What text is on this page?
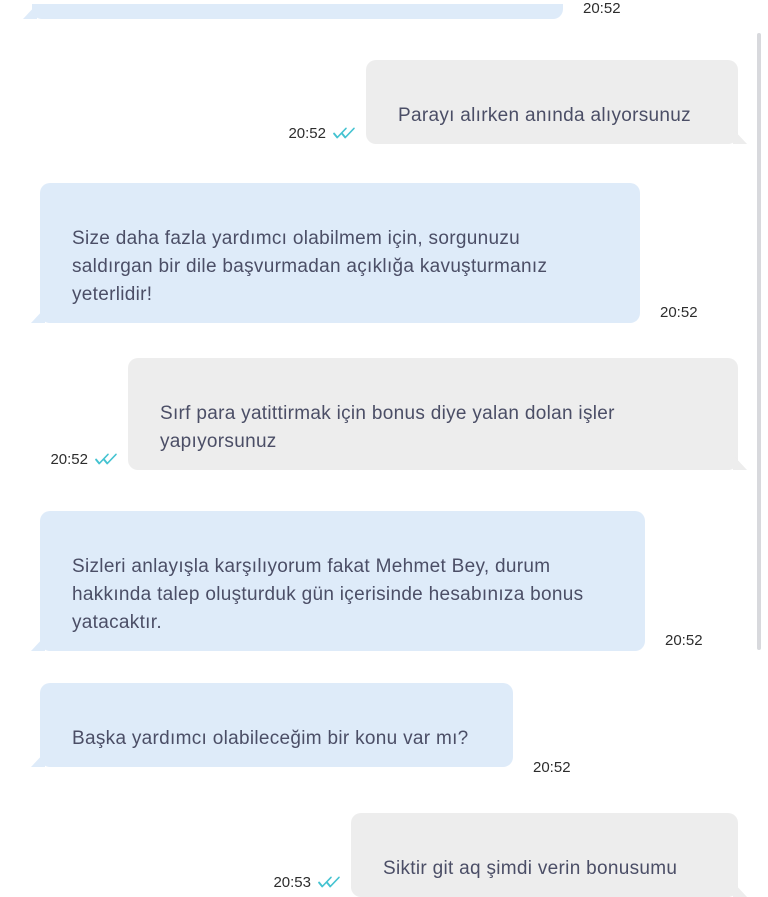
20:52
20:52

Parayı alırken anında alıyorsunuz

Size daha fazla yardımcı olabilmem için, sorgunuzu
saldırgan bir dile başvurmadan açıklığa kavuşturmanız
yeterlidir!

20:52
20:52

Sırf para yatittirmak için bonus diye yalan dolan işler
yapıyorsunuz

Sizleri anlayışla karşılıyorum fakat Mehmet Bey, durum
hakkında talep oluşturduk gün içerisinde hesabınıza bonus
yatacaktır.

20:52

Başka yardımcı olabileceğim bir konu var mı?

20:52
20:53

Siktir git aq şimdi verin bonusumu
